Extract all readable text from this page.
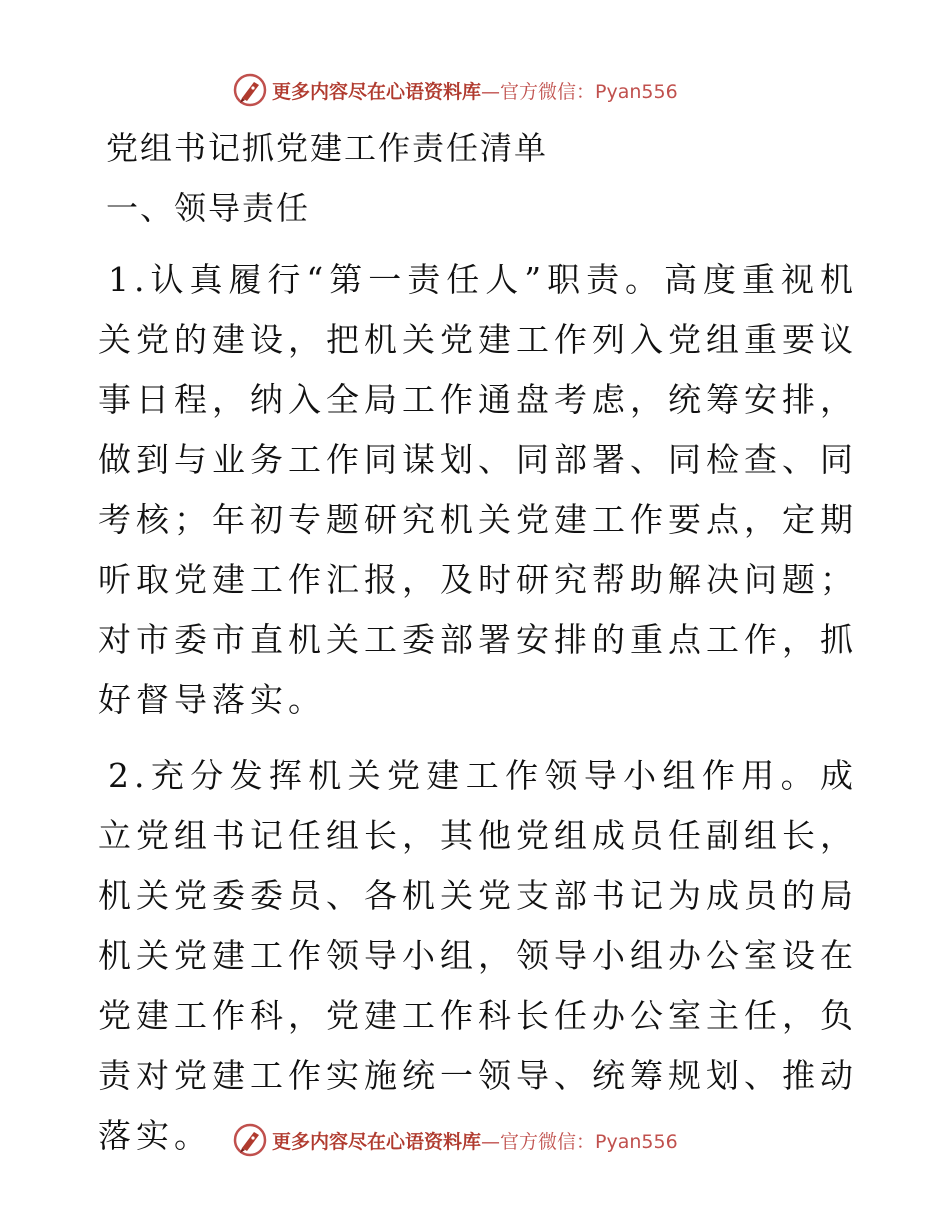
更多内容尽在心语资料库—官方微信：Pyan556
党组书记抓党建工作责任清单
一、领导责任

1.认真履行“第一责任人”职责。高度重视机关党的建设，把机关党建工作列入党组重要议事日程，纳入全局工作通盘考虑，统筹安排，做到与业务工作同谋划、同部署、同检查、同考核；年初专题研究机关党建工作要点，定期听取党建工作汇报，及时研究帮助解决问题；对市委市直机关工委部署安排的重点工作，抓好督导落实。

2.充分发挥机关党建工作领导小组作用。成立党组书记任组长，其他党组成员任副组长，机关党委委员、各机关党支部书记为成员的局机关党建工作领导小组，领导小组办公室设在党建工作科，党建工作科长任办公室主任，负责对党建工作实施统一领导、统筹规划、推动落实。	更多内容尽在心语资料库—官方微信：Pyan556
